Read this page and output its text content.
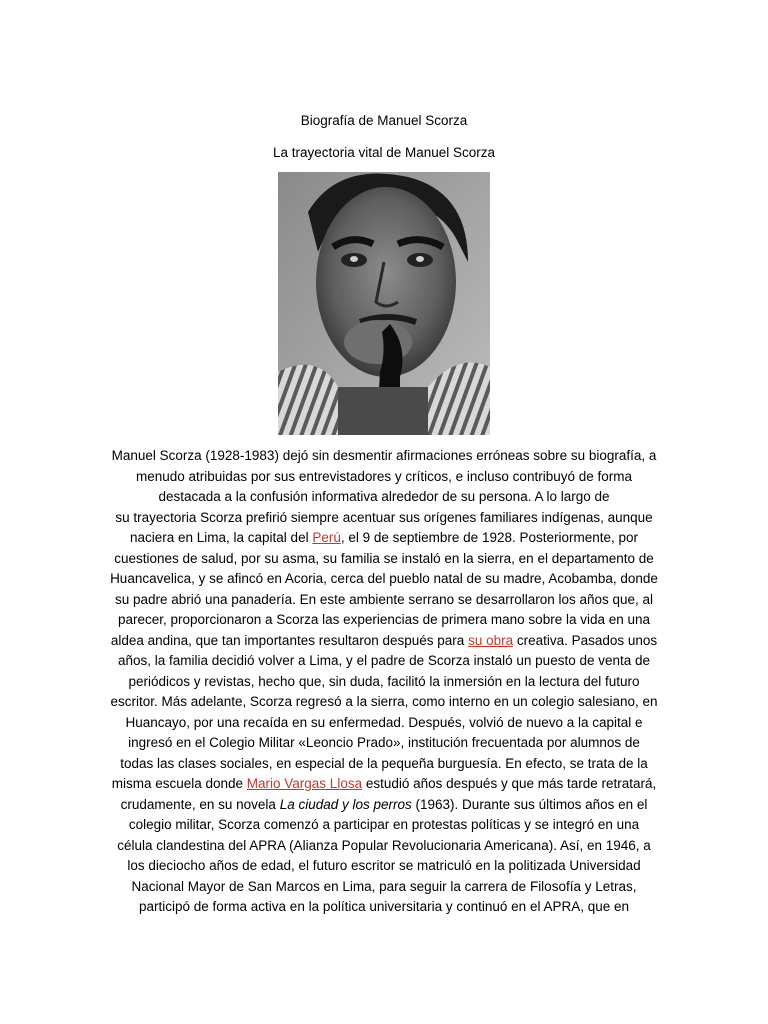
Biografía de Manuel Scorza
La trayectoria vital de Manuel Scorza
Manuel Scorza (1928-1983) dejó sin desmentir afirmaciones erróneas sobre su biografía, a
menudo atribuidas por sus entrevistadores y críticos, e incluso contribuyó de forma
destacada a la confusión informativa alrededor de su persona. A lo largo de
su trayectoria Scorza prefirió siempre acentuar sus orígenes familiares indígenas, aunque
naciera en Lima, la capital del Perú, el 9 de septiembre de 1928. Posteriormente, por
cuestiones de salud, por su asma, su familia se instaló en la sierra, en el departamento de
Huancavelica, y se afincó en Acoria, cerca del pueblo natal de su madre, Acobamba, donde
su padre abrió una panadería. En este ambiente serrano se desarrollaron los años que, al
parecer, proporcionaron a Scorza las experiencias de primera mano sobre la vida en una
aldea andina, que tan importantes resultaron después para su obra creativa. Pasados unos
años, la familia decidió volver a Lima, y el padre de Scorza instaló un puesto de venta de
periódicos y revistas, hecho que, sin duda, facilitó la inmersión en la lectura del futuro
escritor. Más adelante, Scorza regresó a la sierra, como interno en un colegio salesiano, en
Huancayo, por una recaída en su enfermedad. Después, volvió de nuevo a la capital e
ingresó en el Colegio Militar «Leoncio Prado», institución frecuentada por alumnos de
todas las clases sociales, en especial de la pequeña burguesía. En efecto, se trata de la
misma escuela donde Mario Vargas Llosa estudió años después y que más tarde retratará,
crudamente, en su novela La ciudad y los perros (1963). Durante sus últimos años en el
colegio militar, Scorza comenzó a participar en protestas políticas y se integró en una
célula clandestina del APRA (Alianza Popular Revolucionaria Americana). Así, en 1946, a
los dieciocho años de edad, el futuro escritor se matriculó en la politizada Universidad
Nacional Mayor de San Marcos en Lima, para seguir la carrera de Filosofía y Letras,
participó de forma activa en la política universitaria y continuó en el APRA, que en
